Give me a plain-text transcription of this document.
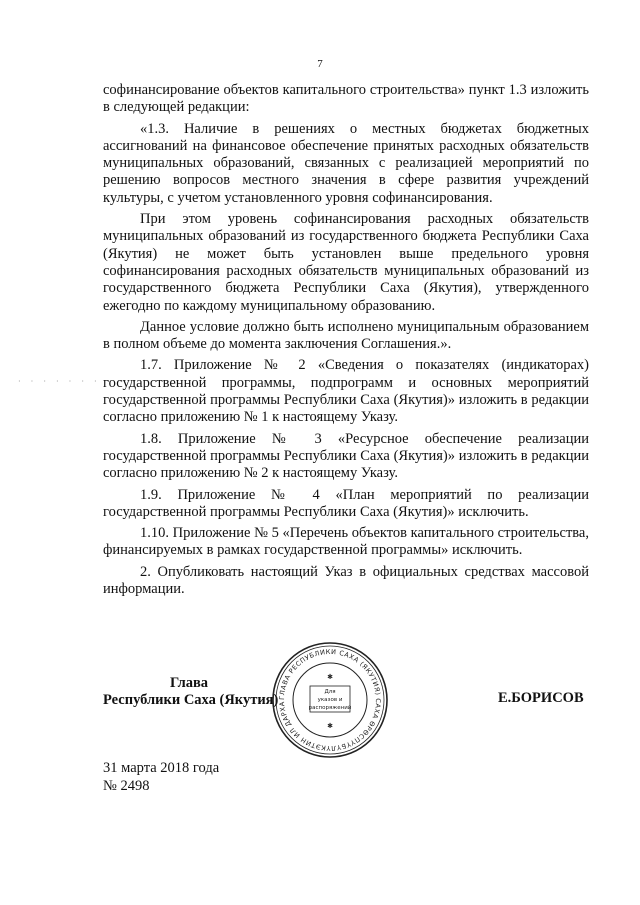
7
· · · · · · · · · ·

софинансирование объектов капитального строительства» пункт 1.3 изложить в следующей редакции:

«1.3. Наличие в решениях о местных бюджетах бюджетных ассигнований на финансовое обеспечение принятых расходных обязательств муниципальных образований, связанных с реализацией мероприятий по решению вопросов местного значения в сфере развития учреждений культуры, с учетом установленного уровня софинансирования.

При этом уровень софинансирования расходных обязательств муниципальных образований из государственного бюджета Республики Саха (Якутия) не может быть установлен выше предельного уровня софинансирования расходных обязательств муниципальных образований из государственного бюджета Республики Саха (Якутия), утвержденного ежегодно по каждому муниципальному образованию.

Данное условие должно быть исполнено муниципальным образованием в полном объеме до момента заключения Соглашения.».

1.7. Приложение № 2 «Сведения о показателях (индикаторах) государственной программы, подпрограмм и основных мероприятий государственной программы Республики Саха (Якутия)» изложить в редакции согласно приложению № 1 к настоящему Указу.

1.8. Приложение № 3 «Ресурсное обеспечение реализации государственной программы Республики Саха (Якутия)» изложить в редакции согласно приложению № 2 к настоящему Указу.

1.9. Приложение № 4 «План мероприятий по реализации государственной программы Республики Саха (Якутия)» исключить.

1.10. Приложение № 5 «Перечень объектов капитального строительства, финансируемых в рамках государственной программы» исключить.

2. Опубликовать настоящий Указ в официальных средствах массовой информации.

Глава
Республики Саха (Якутия)	Е.БОРИСОВ
ГЛАВА РЕСПУБЛИКИ САХА (ЯКУТИЯ) САХА ӨРӨСПҮҮБҮЛҮКЭТИН ИЛ ДАРХА
Для
указов и
распоряжений
✱
✱
31 марта 2018 года
№ 2498
